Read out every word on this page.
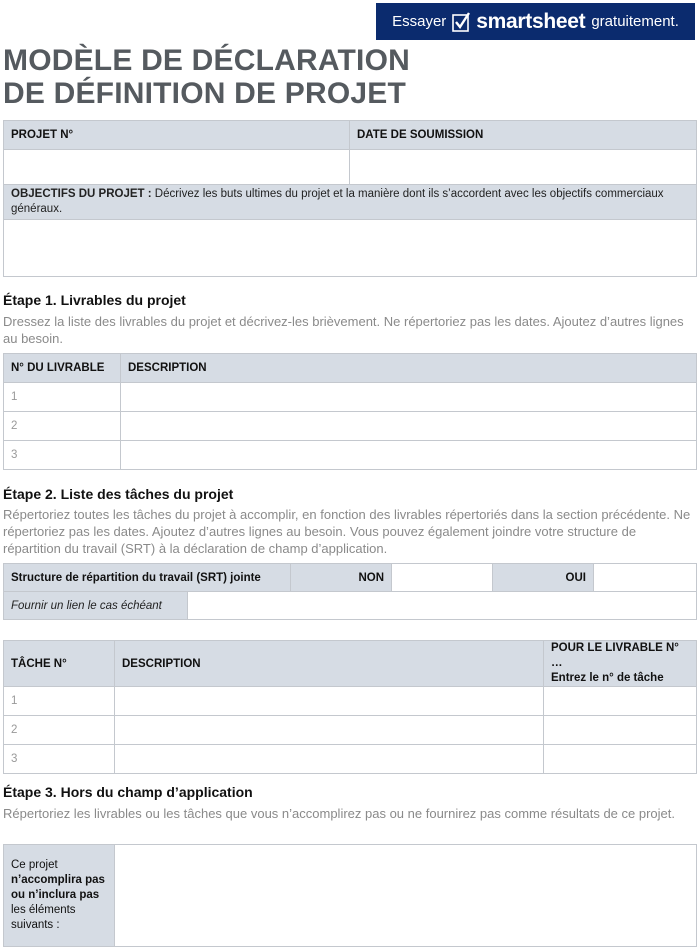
Essayer smartsheet gratuitement.
MODÈLE DE DÉCLARATION
DE DÉFINITION DE PROJET
PROJET N°	DATE DE SOUMISSION

OBJECTIFS DU PROJET : Décrivez les buts ultimes du projet et la manière dont ils s’accordent avec les objectifs commerciaux généraux.	

Étape 1. Livrables du projet
Dressez la liste des livrables du projet et décrivez-les brièvement. Ne répertoriez pas les dates. Ajoutez d’autres lignes au besoin.
N° DU LIVRABLE	DESCRIPTION
1	
2	
3	
Étape 2. Liste des tâches du projet
Répertoriez toutes les tâches du projet à accomplir, en fonction des livrables répertoriés dans la section précédente. Ne répertoriez pas les dates. Ajoutez d’autres lignes au besoin. Vous pouvez également joindre votre structure de répartition du travail (SRT) à la déclaration de champ d’application.
Structure de répartition du travail (SRT) jointe	NON		OUI	
Fournir un lien le cas échéant	
TÂCHE N°	DESCRIPTION	POUR LE LIVRABLE N° …
Entrez le n° de tâche

1		
2		
3		
Étape 3. Hors du champ d’application
Répertoriez les livrables ou les tâches que vous n’accomplirez pas ou ne fournirez pas comme résultats de ce projet.
Ce projet n’accomplira pas ou n’inclura pas les éléments suivants :	
